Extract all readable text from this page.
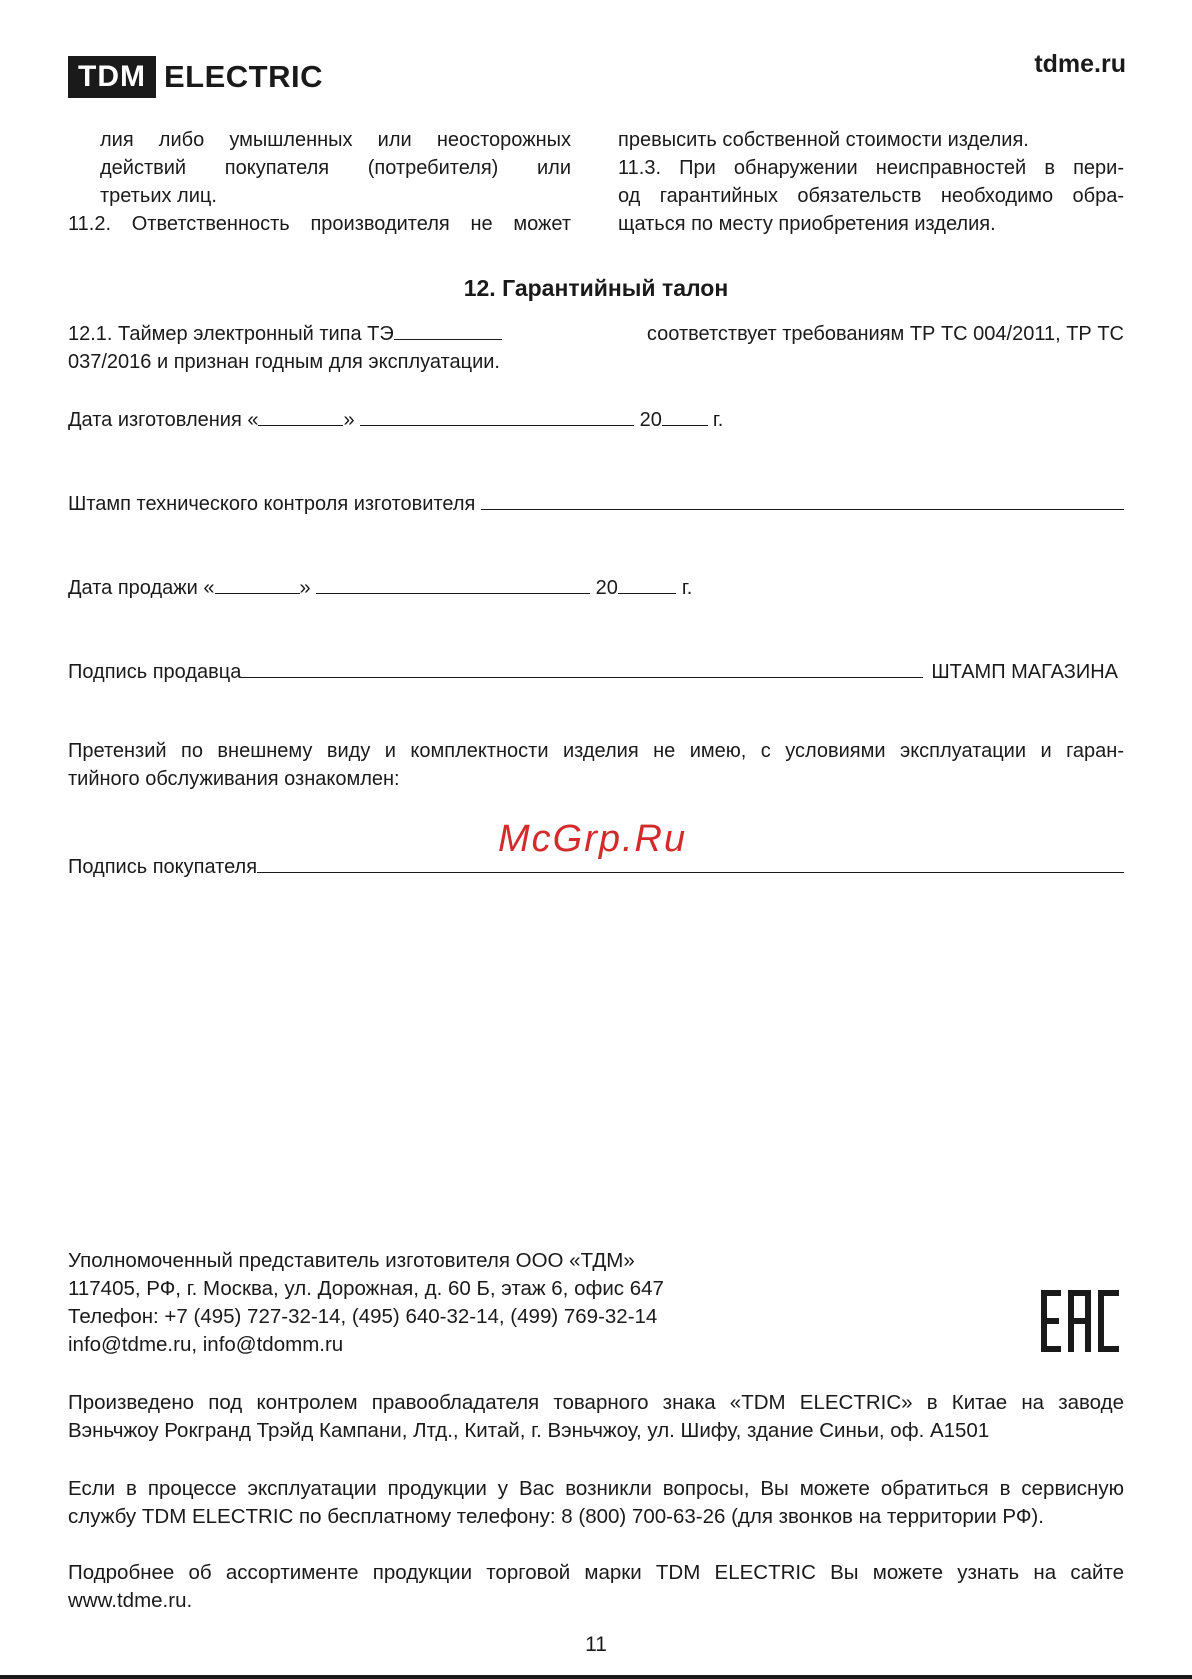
TDM ELECTRIC	tdme.ru
лия либо умышленных или неосторожных
действий покупателя (потребителя) или
третьих лиц.
11.2. Ответственность производителя не может
превысить собственной стоимости изделия.
11.3. При обнаружении неисправностей в пери-
од гарантийных обязательств необходимо обра-
щаться по месту приобретения изделия.
12. Гарантийный талон
12.1. Таймер электронный типа ТЭ	соответствует требованиям ТР ТС 004/2011, ТР ТС
037/2016 и признан годным для эксплуатации.
Дата изготовления «	»	20	г.
Штамп технического контроля изготовителя
Дата продажи «	»	20	г.
Подпись продавца	ШТАМП МАГАЗИНА
Претензий по внешнему виду и комплектности изделия не имею, с условиями эксплуатации и гаран-
тийного обслуживания ознакомлен:
Подпись покупателя
McGrp.Ru
Уполномоченный представитель изготовителя ООО «ТДМ»
117405, РФ, г. Москва, ул. Дорожная, д. 60 Б, этаж 6, офис 647
Телефон: +7 (495) 727-32-14, (495) 640-32-14, (499) 769-32-14
info@tdme.ru, info@tdomm.ru
Произведено под контролем правообладателя товарного знака «TDM ELECTRIC» в Китае на заводе
Вэньчжоу Рокгранд Трэйд Кампани, Лтд., Китай, г. Вэньчжоу, ул. Шифу, здание Синьи, оф. А1501
Если в процессе эксплуатации продукции у Вас возникли вопросы, Вы можете обратиться в сервисную
службу TDM ELECTRIC по бесплатному телефону: 8 (800) 700-63-26 (для звонков на территории РФ).
Подробнее об ассортименте продукции торговой марки TDM ELECTRIC Вы можете узнать на сайте
www.tdme.ru.
11
